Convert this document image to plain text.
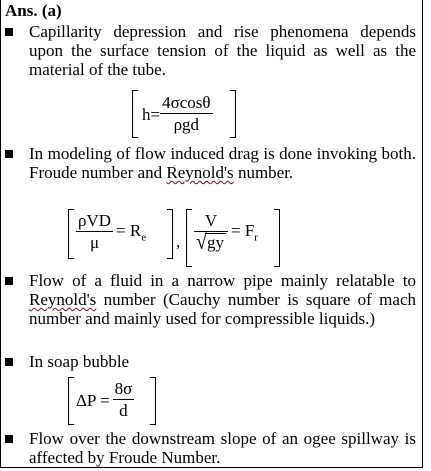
Ans. (a)
Capillarity depression and rise phenomena depends upon the surface tension of the liquid as well as the material of the tube.
$h= \frac{4\sigma\cos\theta}{\text{ρgd}}$
In modeling of flow induced drag is done invoking both. Froude number and Reynold's number.
$\frac{\text{ρVD}}{\mu} = R_e$ , $\frac{V}{√gy} = F_r$
Flow of a fluid in a narrow pipe mainly relatable to Reynold's number (Cauchy number is square of mach number and mainly used for compressible liquids.)
In soap bubble
$\Delta P = \frac{8\sigma}{d}$
Flow over the downstream slope of an ogee spillway is affected by Froude Number.
